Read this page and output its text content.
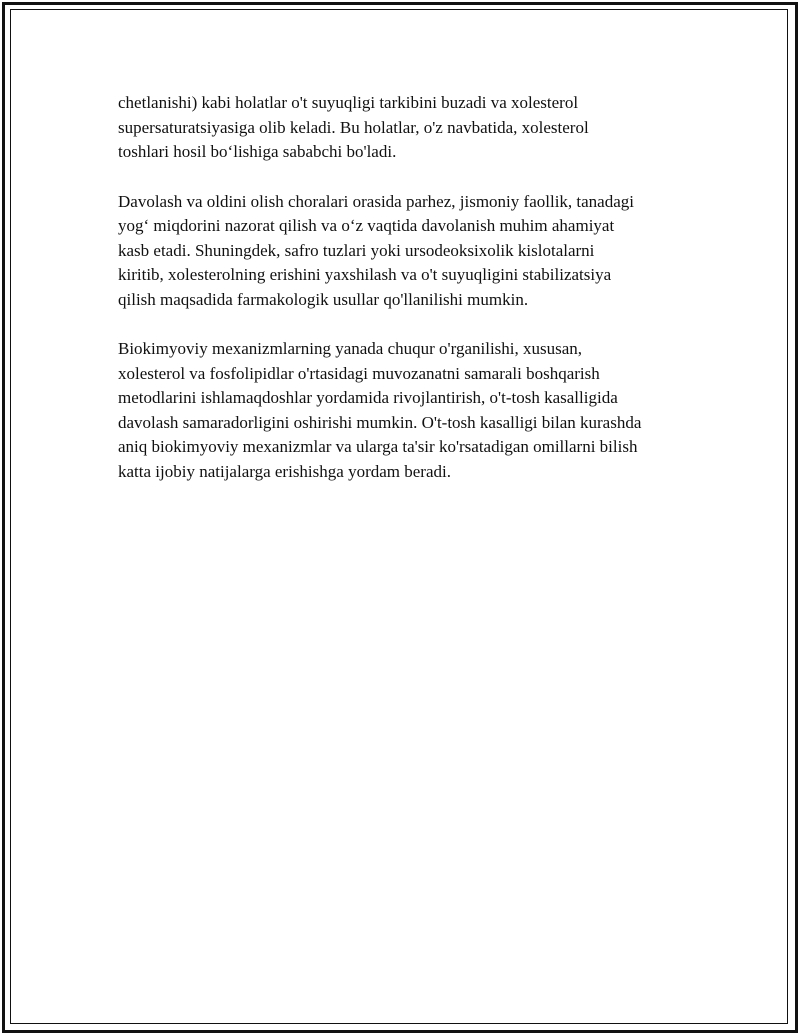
chetlanishi) kabi holatlar o't suyuqligi tarkibini buzadi va xolesterol
supersaturatsiyasiga olib keladi. Bu holatlar, o'z navbatida, xolesterol
toshlari hosil bo‘lishiga sababchi bo'ladi.

Davolash va oldini olish choralari orasida parhez, jismoniy faollik, tanadagi
yog‘ miqdorini nazorat qilish va o‘z vaqtida davolanish muhim ahamiyat
kasb etadi. Shuningdek, safro tuzlari yoki ursodeoksixolik kislotalarni
kiritib, xolesterolning erishini yaxshilash va o't suyuqligini stabilizatsiya
qilish maqsadida farmakologik usullar qo'llanilishi mumkin.

Biokimyoviy mexanizmlarning yanada chuqur o'rganilishi, xususan,
xolesterol va fosfolipidlar o'rtasidagi muvozanatni samarali boshqarish
metodlarini ishlamaqdoshlar yordamida rivojlantirish, o't-tosh kasalligida
davolash samaradorligini oshirishi mumkin. O't-tosh kasalligi bilan kurashda
aniq biokimyoviy mexanizmlar va ularga ta'sir ko'rsatadigan omillarni bilish
katta ijobiy natijalarga erishishga yordam beradi.
